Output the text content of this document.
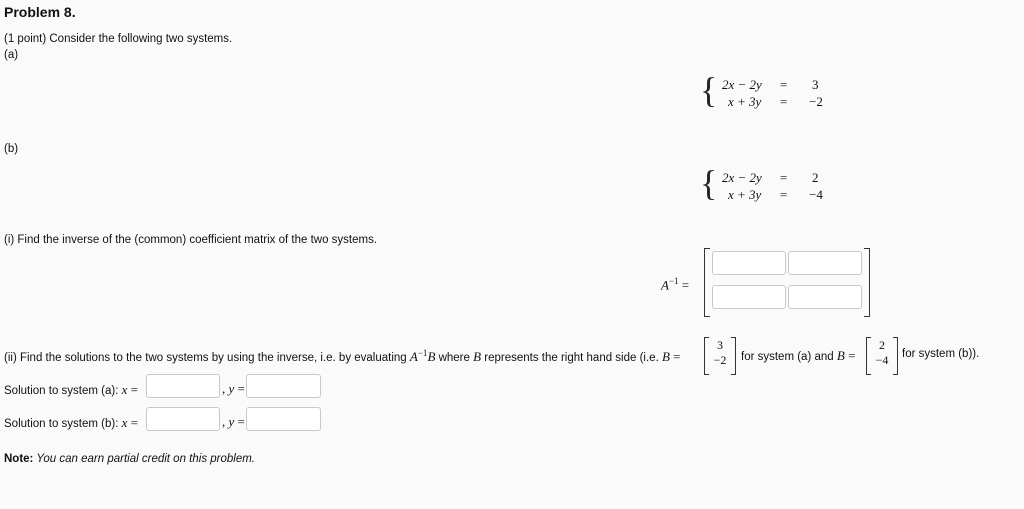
Problem 8.
(1 point) Consider the following two systems.
(a)
{ 2x − 2y = 3
x + 3y = −2
(b)
{ 2x − 2y = 2
x + 3y = −4
(i) Find the inverse of the (common) coefficient matrix of the two systems.
$A^{-1}$ =
(ii) Find the solutions to the two systems by using the inverse, i.e. by evaluating $A^{-1}B$ where B represents the right hand side (i.e. B =
3
−2	for system (a) and B =
2
−4	for system (b)).
Solution to system (a): x =	, y =
Solution to system (b): x =	, y =
Note: You can earn partial credit on this problem.
